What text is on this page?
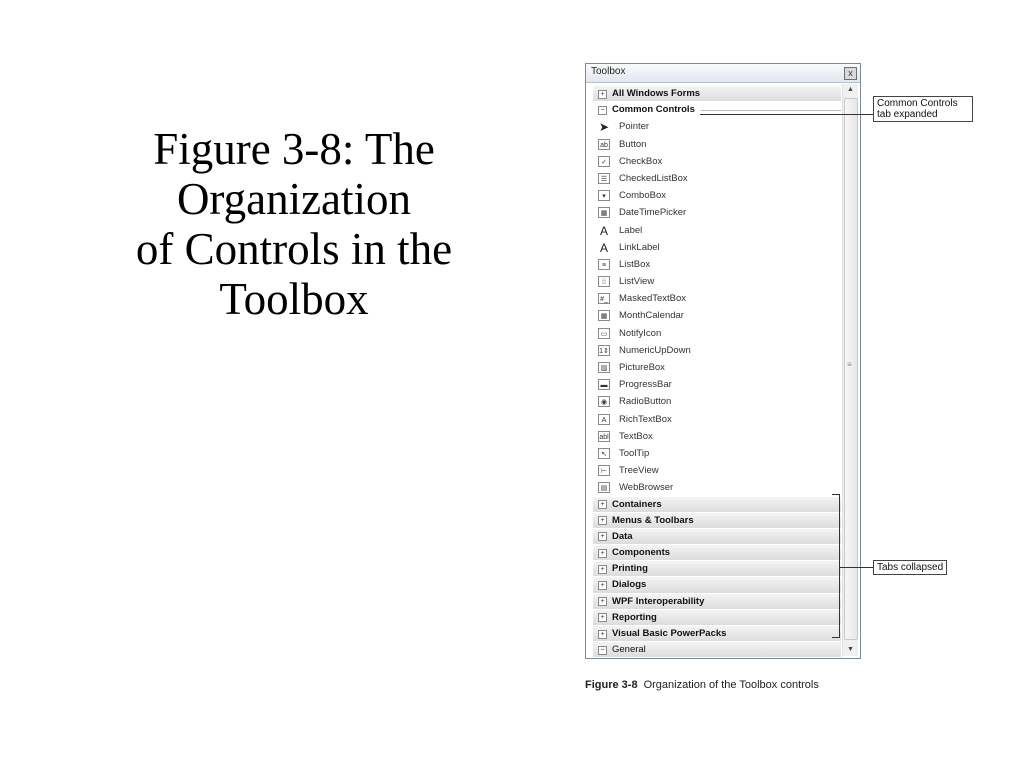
Figure 3-8: The
Organization
of Controls in the
Toolbox
Toolbox	x
+ All Windows Forms
− Common Controls
➤ Pointer
ab Button
✓	CheckBox
☰	CheckedListBox
▾	ComboBox
▦ DateTimePicker
A Label
A LinkLabel
≡	ListBox
⁞⁞	ListView
#_ MaskedTextBox
▦ MonthCalendar
▭ NotifyIcon
1⇕ NumericUpDown
▨ PictureBox
▬ ProgressBar
◉	RadioButton
A	RichTextBox
abl TextBox
↖	ToolTip
⊢	TreeView
▤ WebBrowser
+ Containers
+ Menus & Toolbars
+ Data
+ Components
+ Printing
+ Dialogs
+ WPF Interoperability
+ Reporting
+ Visual Basic PowerPacks
− General
▲
≡
▼
Common Controls tab expanded
Tabs collapsed
Figure 3-8 Organization of the Toolbox controls
